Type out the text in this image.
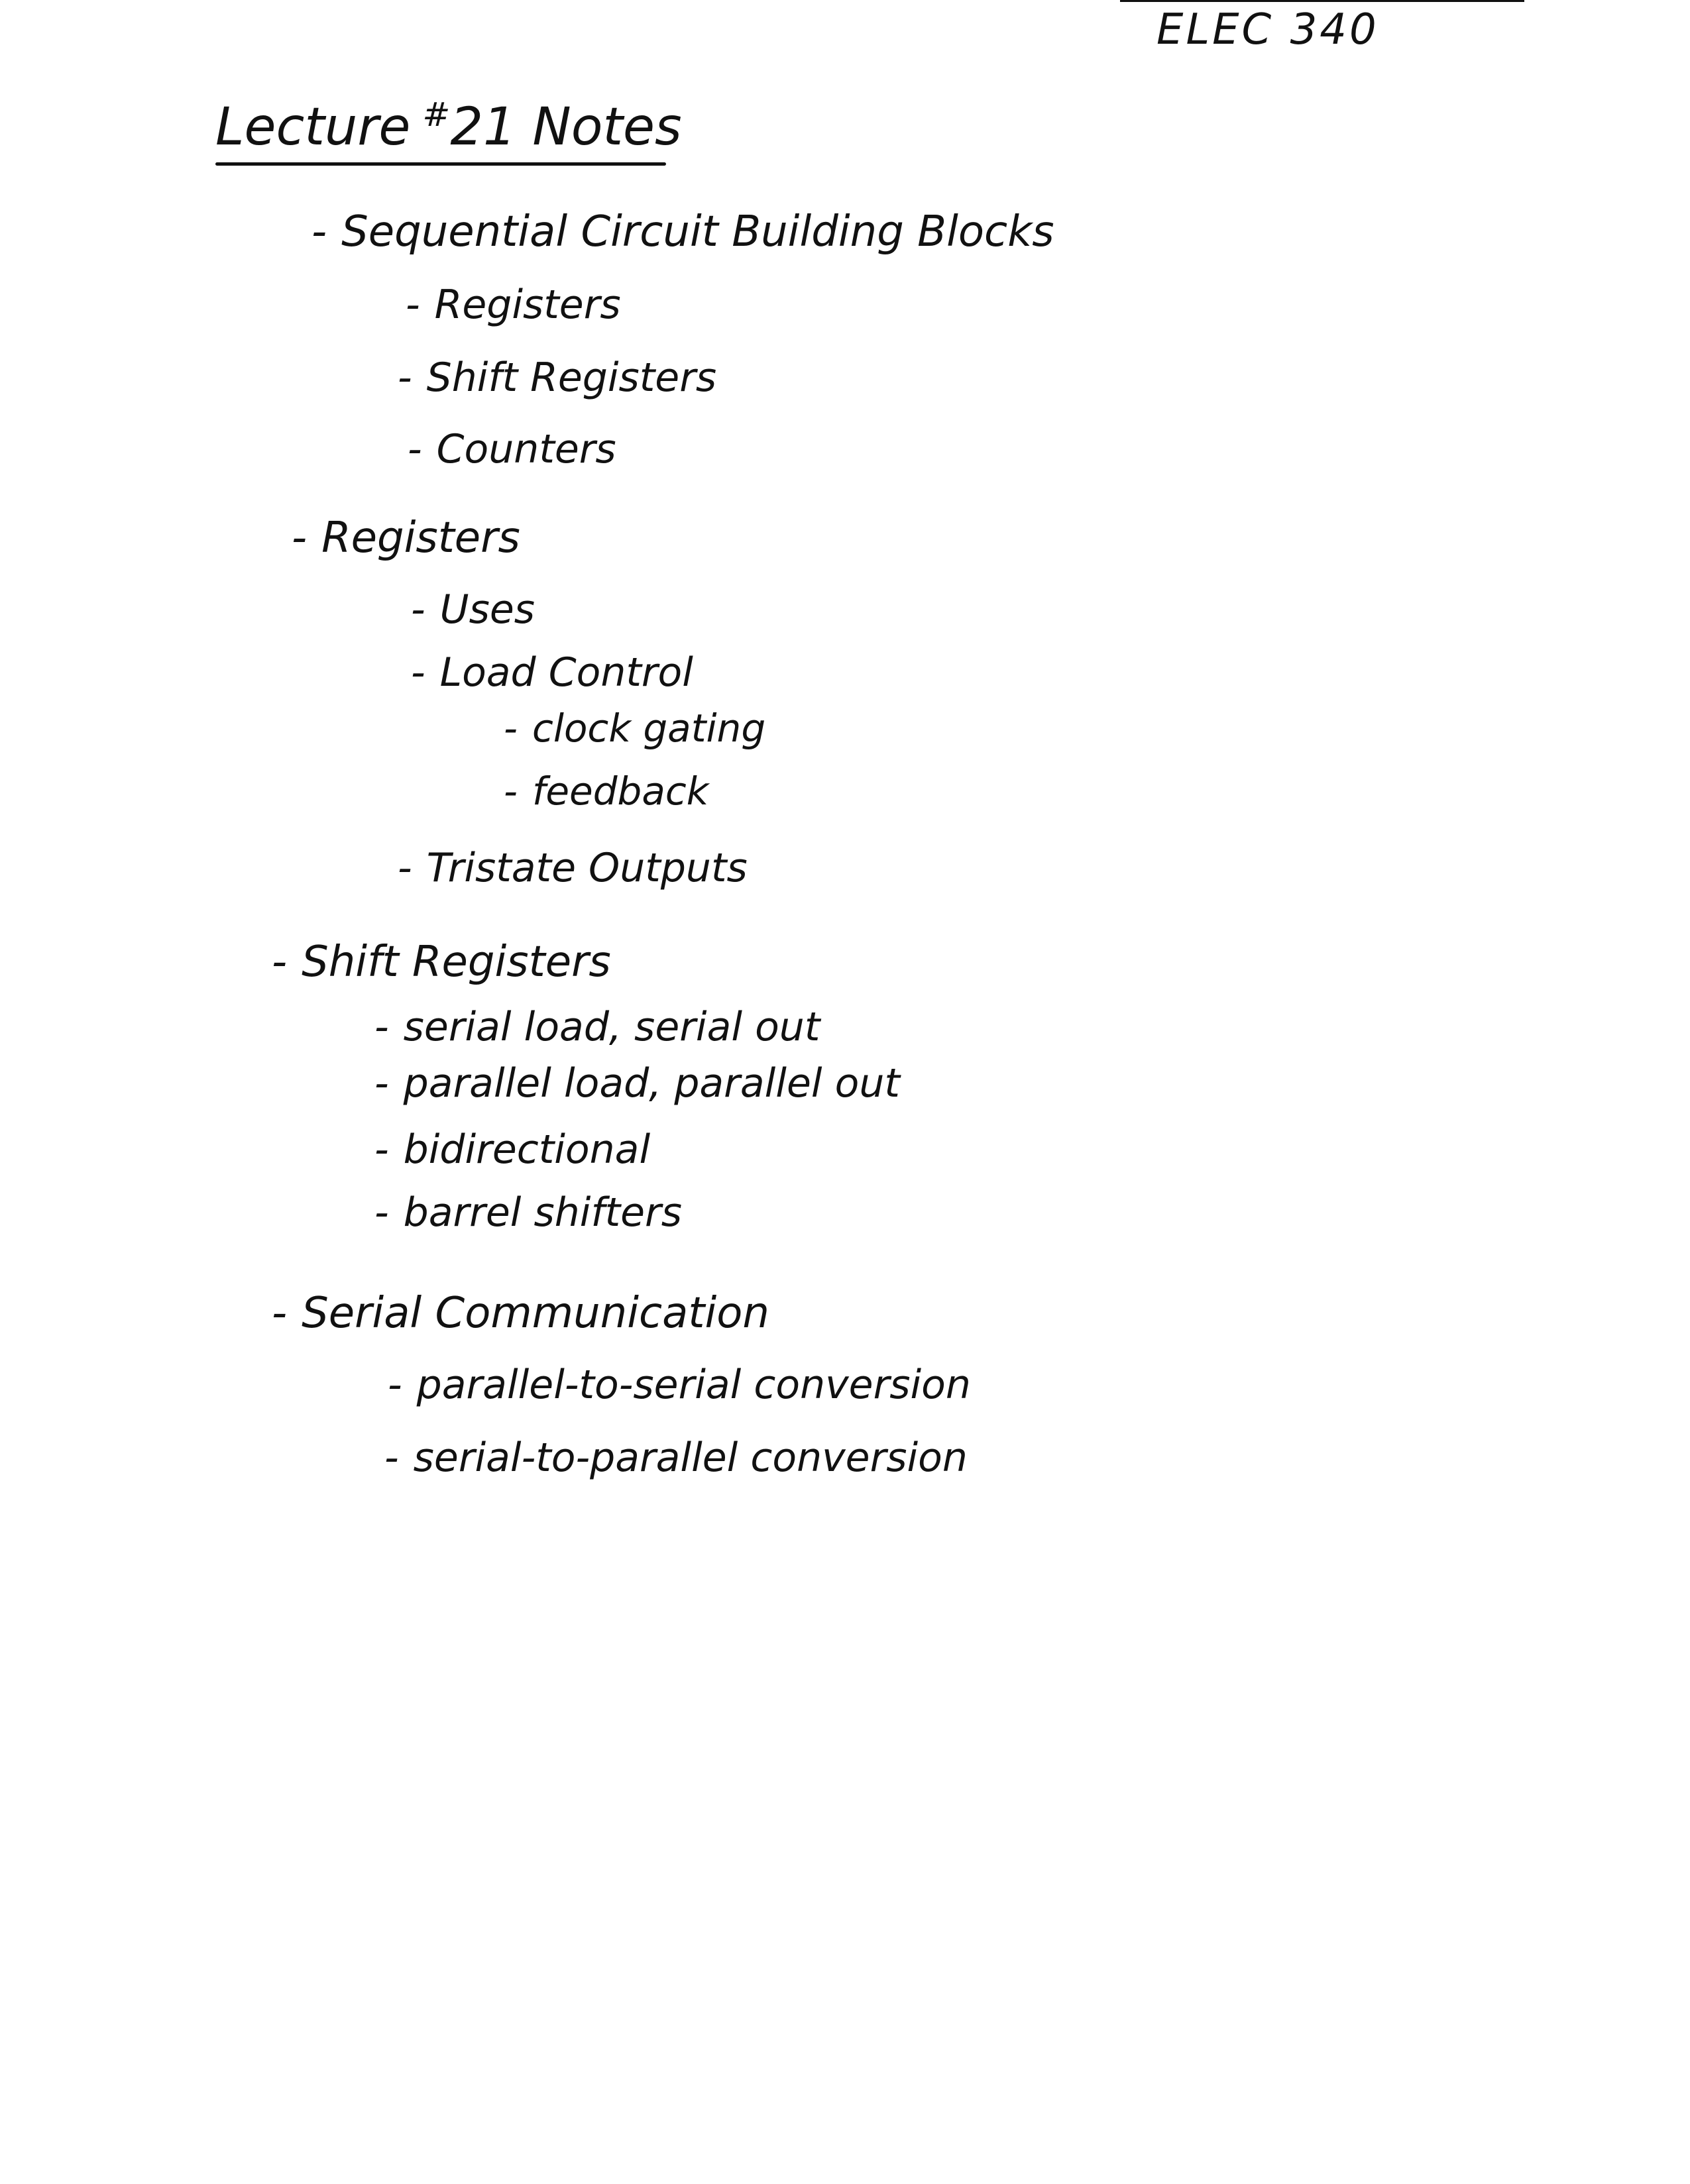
ELEC 340
Lecture #21 Notes
- Sequential Circuit Building Blocks
- Registers
- Shift Registers
- Counters
- Registers
- Uses
- Load Control
- clock gating
- feedback
- Tristate Outputs
- Shift Registers
- serial load, serial out
- parallel load, parallel out
- bidirectional
- barrel shifters
- Serial Communication
- parallel-to-serial conversion
- serial-to-parallel conversion
